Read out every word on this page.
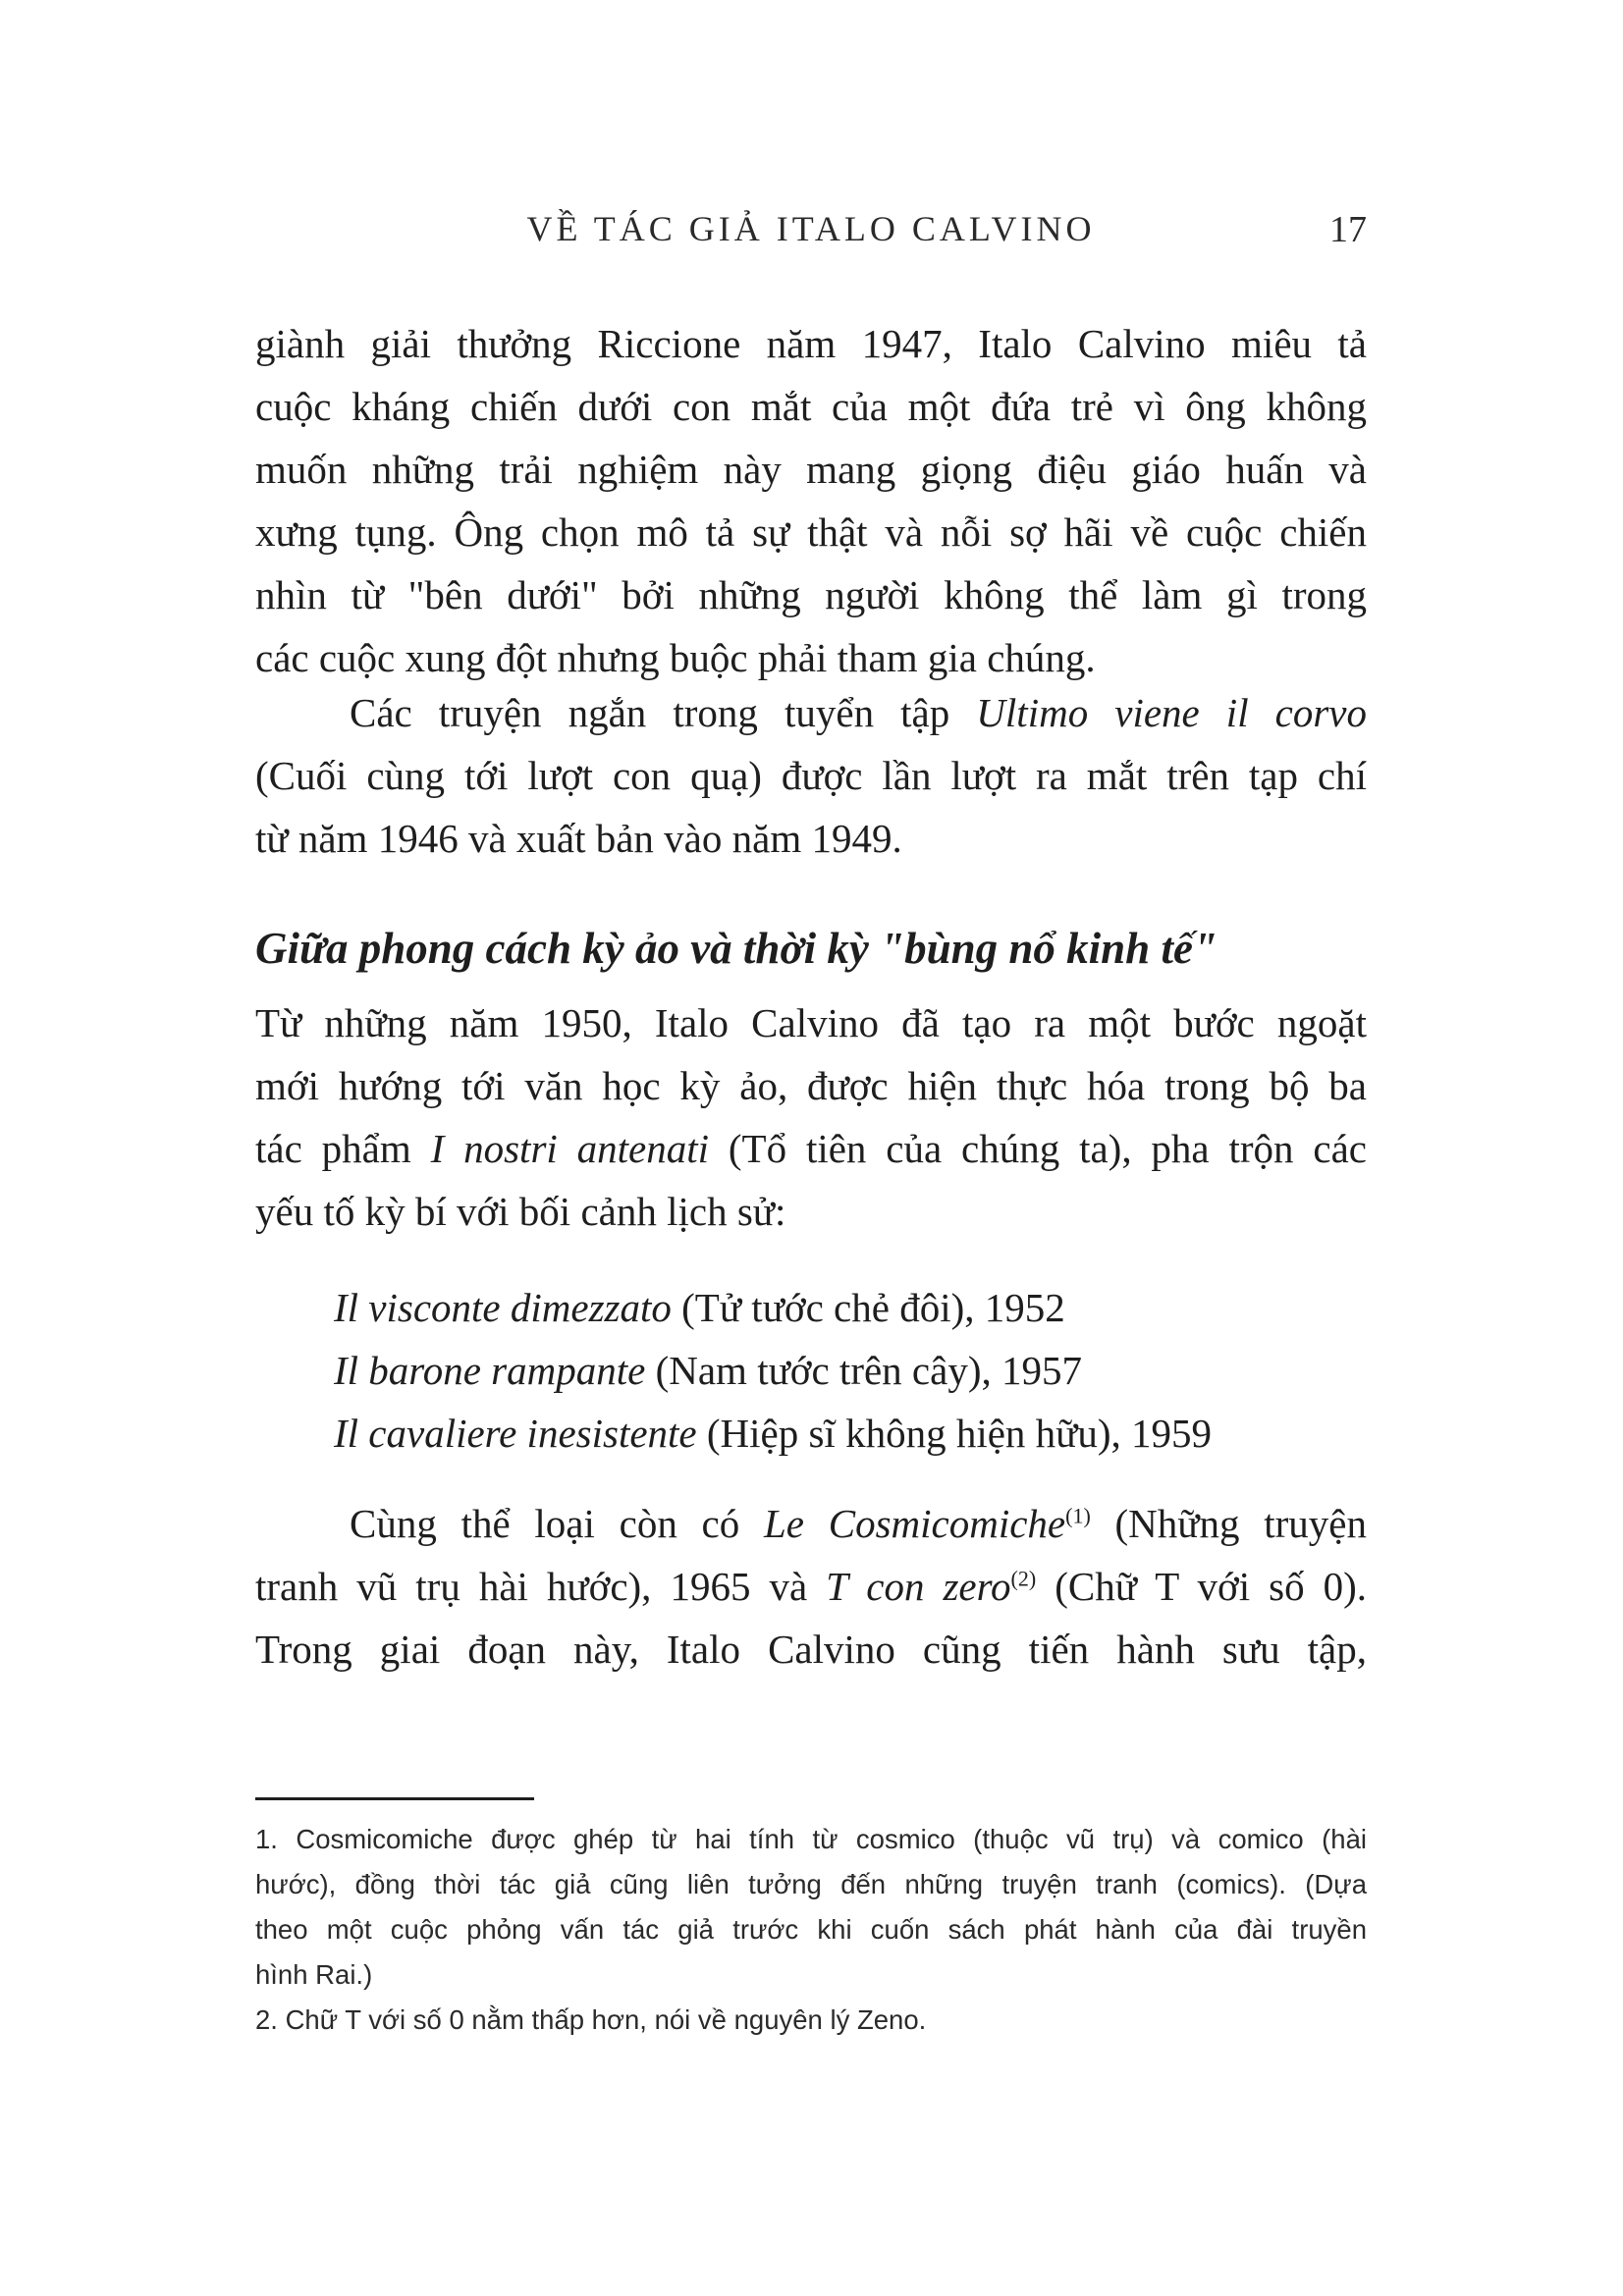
VỀ TÁC GIẢ ITALO CALVINO	17
giành giải thưởng Riccione năm 1947, Italo Calvino miêu tả
cuộc kháng chiến dưới con mắt của một đứa trẻ vì ông không
muốn những trải nghiệm này mang giọng điệu giáo huấn và
xưng tụng. Ông chọn mô tả sự thật và nỗi sợ hãi về cuộc chiến
nhìn từ "bên dưới" bởi những người không thể làm gì trong
các cuộc xung đột nhưng buộc phải tham gia chúng.
Các truyện ngắn trong tuyển tập Ultimo viene il corvo
(Cuối cùng tới lượt con quạ) được lần lượt ra mắt trên tạp chí
từ năm 1946 và xuất bản vào năm 1949.
Giữa phong cách kỳ ảo và thời kỳ "bùng nổ kinh tế"
Từ những năm 1950, Italo Calvino đã tạo ra một bước ngoặt
mới hướng tới văn học kỳ ảo, được hiện thực hóa trong bộ ba
tác phẩm I nostri antenati (Tổ tiên của chúng ta), pha trộn các
yếu tố kỳ bí với bối cảnh lịch sử:
Il visconte dimezzato (Tử tước chẻ đôi), 1952
Il barone rampante (Nam tước trên cây), 1957
Il cavaliere inesistente (Hiệp sĩ không hiện hữu), 1959
Cùng thể loại còn có Le Cosmicomiche$^{(1)}$ (Những truyện
tranh vũ trụ hài hước), 1965 và T con zero$^{(2)}$ (Chữ T với số 0).
Trong giai đoạn này, Italo Calvino cũng tiến hành sưu tập,
1. Cosmicomiche được ghép từ hai tính từ cosmico (thuộc vũ trụ) và comico (hài
hước), đồng thời tác giả cũng liên tưởng đến những truyện tranh (comics). (Dựa
theo một cuộc phỏng vấn tác giả trước khi cuốn sách phát hành của đài truyền
hình Rai.)
2. Chữ T với số 0 nằm thấp hơn, nói về nguyên lý Zeno.
